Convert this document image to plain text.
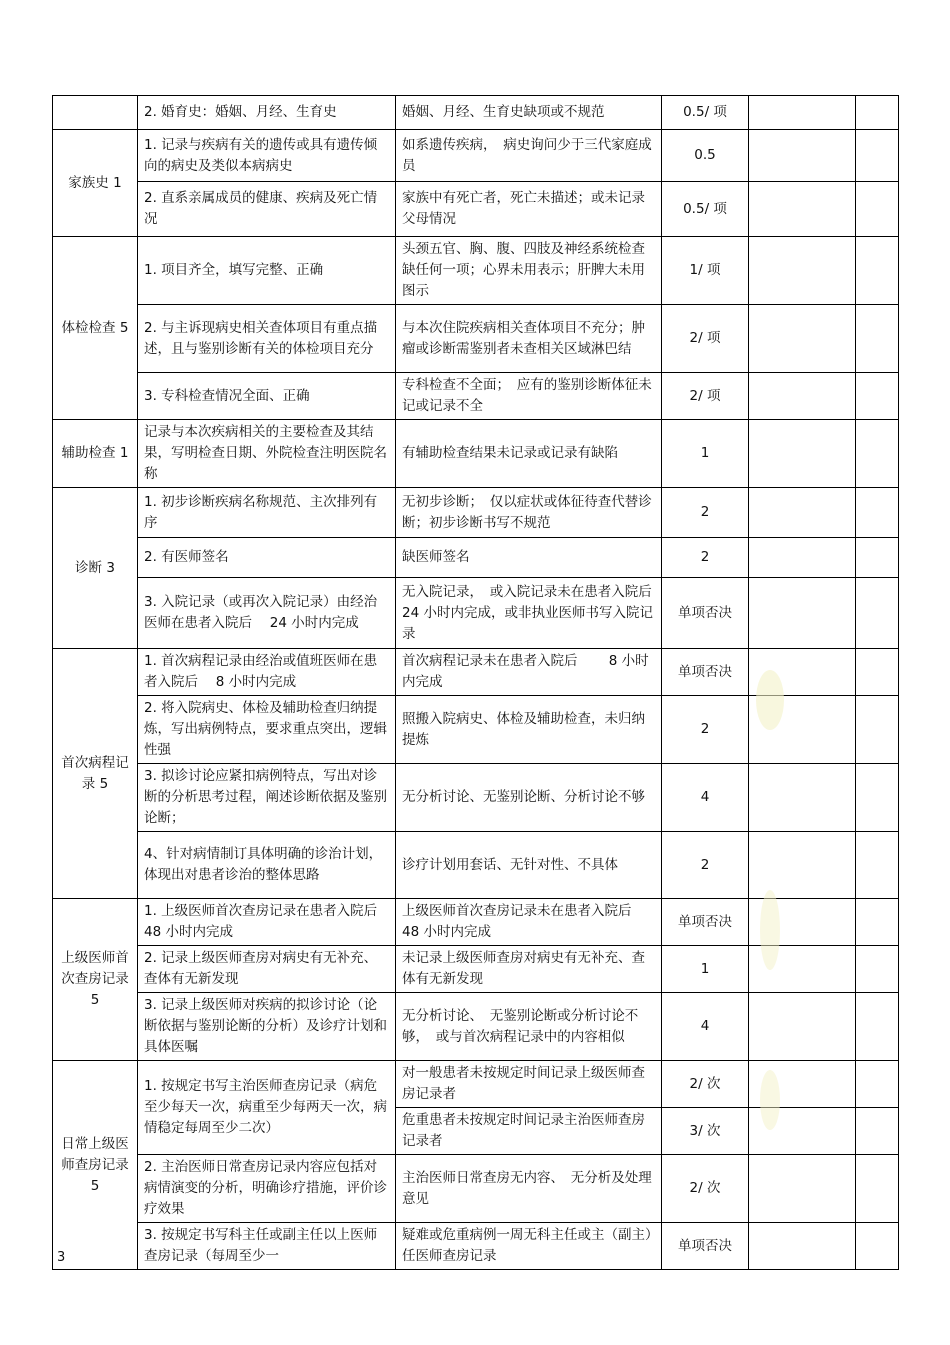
	2. 婚育史：婚姻、月经、生育史	婚姻、月经、生育史缺项或不规范	0.5/ 项		
家族史 1	1. 记录与疾病有关的遗传或具有遗传倾向的病史及类似本病病史	如系遗传疾病，　病史询问少于三代家庭成员	0.5		
	2. 直系亲属成员的健康、疾病及死亡情况	家族中有死亡者，死亡未描述；或未记录父母情况	0.5/ 项		
体检检查 5	1. 项目齐全，填写完整、正确	头颈五官、胸、腹、四肢及神经系统检查缺任何一项；心界未用表示；肝脾大未用图示	1/ 项		
	2. 与主诉现病史相关查体项目有重点描述，且与鉴别诊断有关的体检项目充分	与本次住院疾病相关查体项目不充分；肿瘤或诊断需鉴别者未查相关区域淋巴结	2/ 项		
	3. 专科检查情况全面、正确	专科检查不全面；　应有的鉴别诊断体征未记或记录不全	2/ 项		
辅助检查 1	记录与本次疾病相关的主要检查及其结果，写明检查日期、外院检查注明医院名称	有辅助检查结果未记录或记录有缺陷	1		
诊断 3	1. 初步诊断疾病名称规范、主次排列有序	无初步诊断；　仅以症状或体征待查代替诊断；初步诊断书写不规范	2		
	2. 有医师签名	缺医师签名	2		
	3. 入院记录（或再次入院记录）由经治医师在患者入院后　 24 小时内完成	无入院记录，　或入院记录未在患者入院后　24 小时内完成，或非执业医师书写入院记录	单项否决		
首次病程记录 5	1. 首次病程记录由经治或值班医师在患者入院后　 8 小时内完成	首次病程记录未在患者入院后　　 8 小时内完成	单项否决		
	2. 将入院病史、体检及辅助检查归纳提炼，写出病例特点，要求重点突出，逻辑性强	照搬入院病史、体检及辅助检查，未归纳提炼	2		
	3. 拟诊讨论应紧扣病例特点，写出对诊断的分析思考过程，阐述诊断依据及鉴别论断；	无分析讨论、无鉴别论断、分析讨论不够	4		
	4、针对病情制订具体明确的诊治计划，体现出对患者诊治的整体思路	诊疗计划用套话、无针对性、不具体	2		
上级医师首次查房记录 5	1. 上级医师首次查房记录在患者入院后　48 小时内完成	上级医师首次查房记录未在患者入院后　48 小时内完成	单项否决		
	2. 记录上级医师查房对病史有无补充、查体有无新发现	未记录上级医师查房对病史有无补充、查体有无新发现	1		
	3. 记录上级医师对疾病的拟诊讨论（论断依据与鉴别论断的分析）及诊疗计划和具体医嘱	无分析讨论、　无鉴别论断或分析讨论不够，　或与首次病程记录中的内容相似	4		
日常上级医师查房记录 5	1. 按规定书写主治医师查房记录（病危至少每天一次，病重至少每两天一次，病情稳定每周至少二次）	对一般患者未按规定时间记录上级医师查房记录者	2/ 次		
		危重患者未按规定时间记录主治医师查房记录者	3/ 次		
	2. 主治医师日常查房记录内容应包括对病情演变的分析，明确诊疗措施，评价诊疗效果	主治医师日常查房无内容、　无分析及处理意见	2/ 次		
	3. 按规定书写科主任或副主任以上医师查房记录（每周至少一	疑难或危重病例一周无科主任或主（副主）任医师查房记录	单项否决		
3
